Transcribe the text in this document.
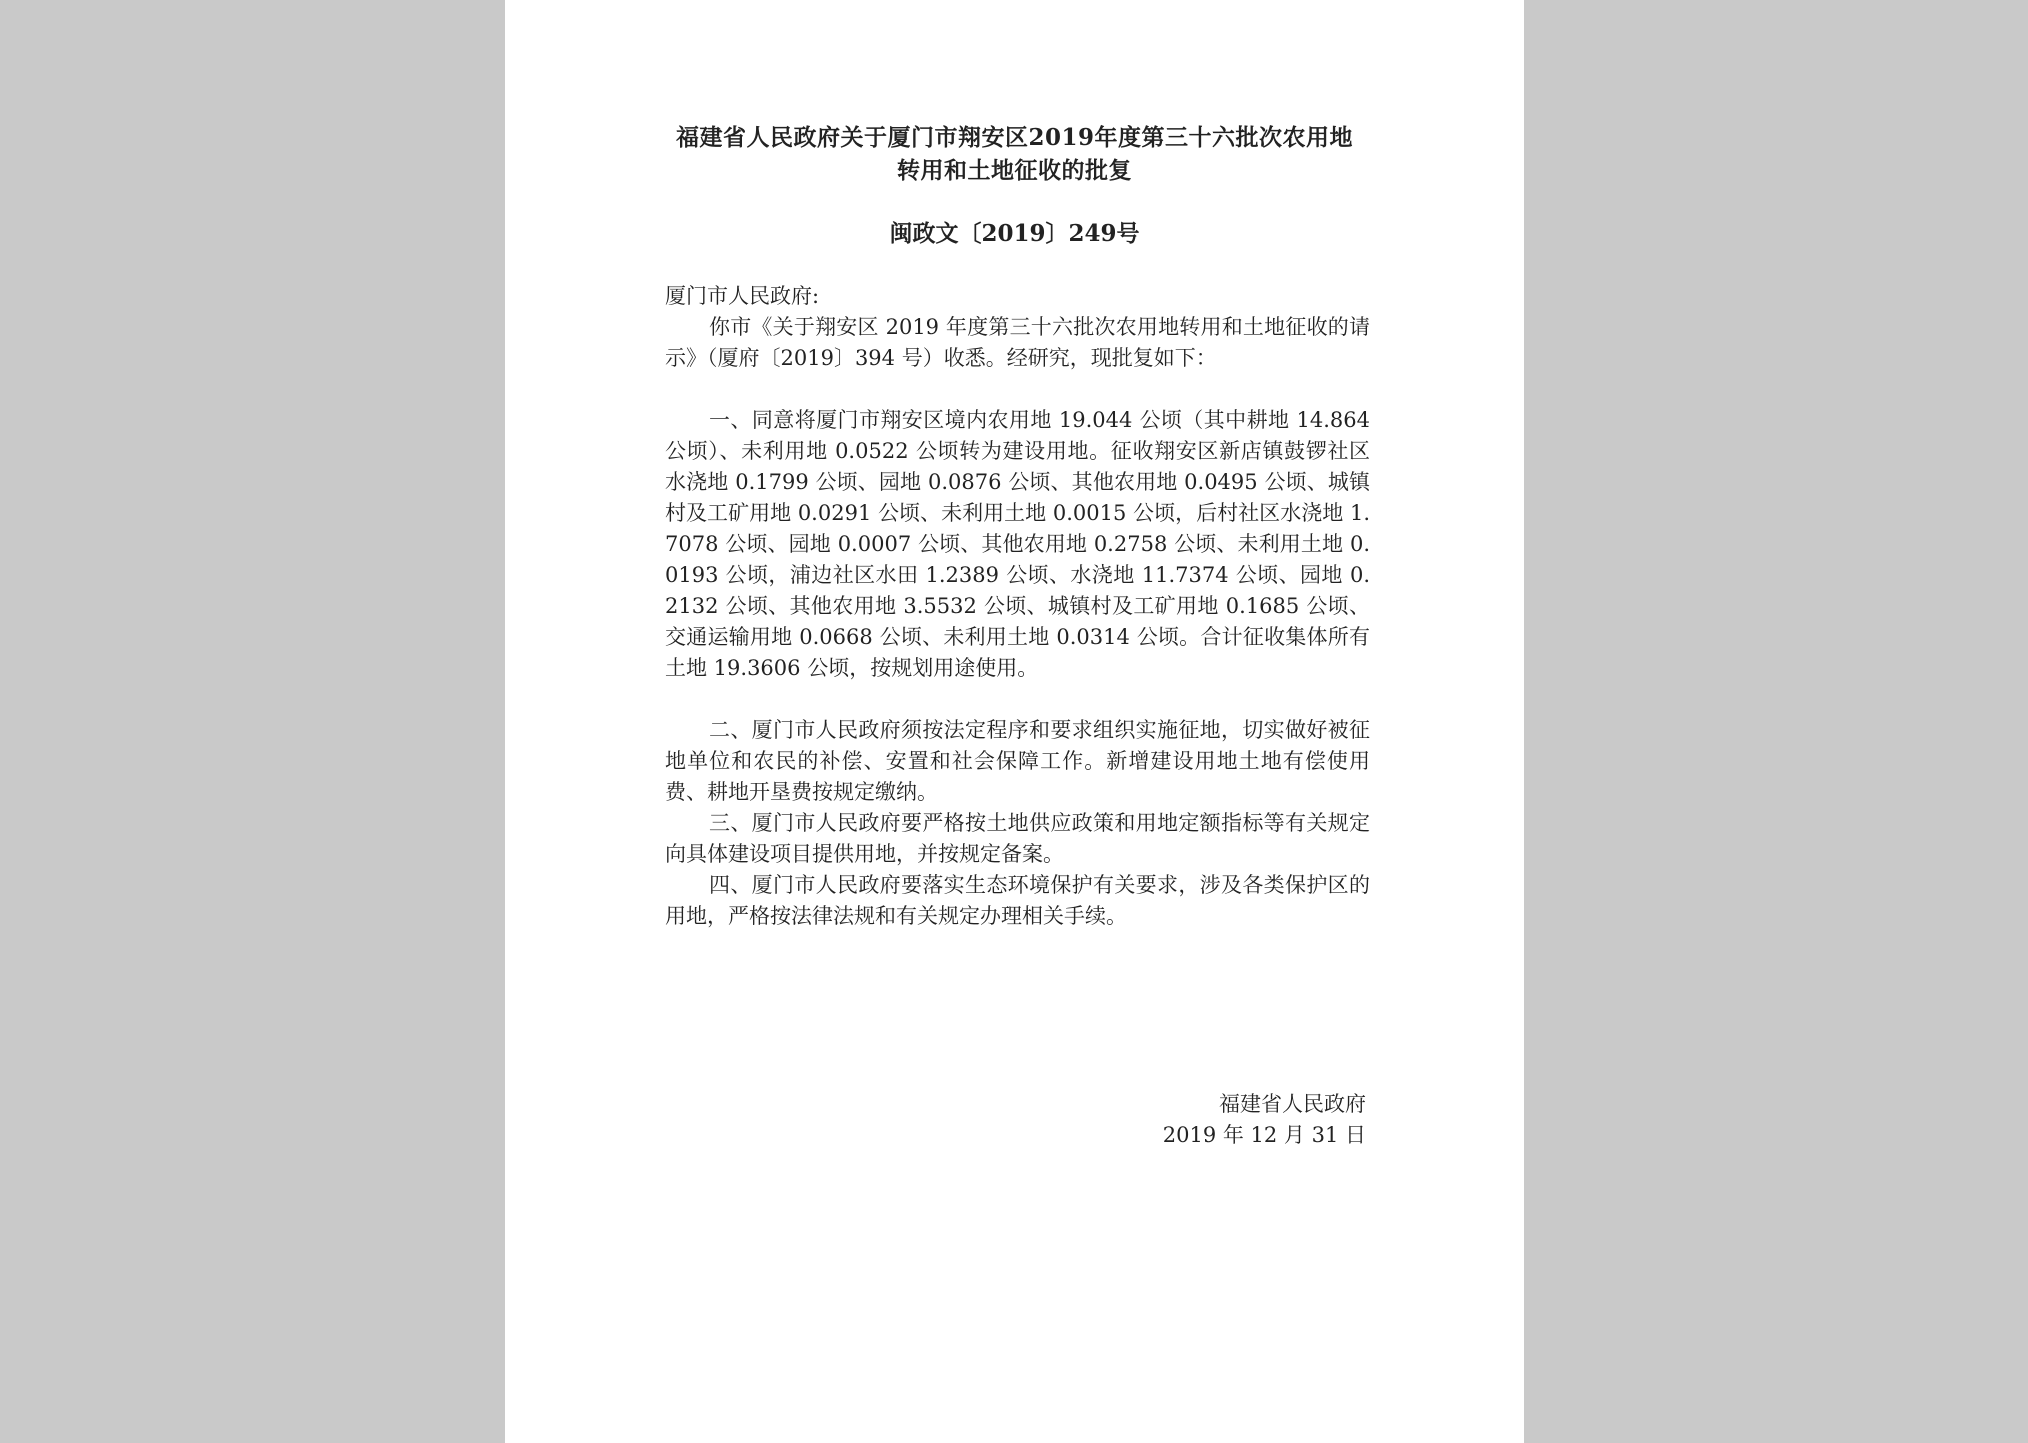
福建省人民政府关于厦门市翔安区2019年度第三十六批次农用地
转用和土地征收的批复
闽政文〔2019〕249号
厦门市人民政府:

你市《关于翔安区 2019 年度第三十六批次农用地转用和土地征收的请示》（厦府〔2019〕394 号）收悉。经研究，现批复如下：

一、同意将厦门市翔安区境内农用地 19.044 公顷（其中耕地 14.864 公顷）、未利用地 0.0522 公顷转为建设用地。征收翔安区新店镇鼓锣社区水浇地 0.1799 公顷、园地 0.0876 公顷、其他农用地 0.0495 公顷、城镇村及工矿用地 0.0291 公顷、未利用土地 0.0015 公顷，后村社区水浇地 1.7078 公顷、园地 0.0007 公顷、其他农用地 0.2758 公顷、未利用土地 0.0193 公顷，浦边社区水田 1.2389 公顷、水浇地 11.7374 公顷、园地 0.2132 公顷、其他农用地 3.5532 公顷、城镇村及工矿用地 0.1685 公顷、交通运输用地 0.0668 公顷、未利用土地 0.0314 公顷。合计征收集体所有土地 19.3606 公顷，按规划用途使用。

二、厦门市人民政府须按法定程序和要求组织实施征地，切实做好被征地单位和农民的补偿、安置和社会保障工作。新增建设用地土地有偿使用费、耕地开垦费按规定缴纳。

三、厦门市人民政府要严格按土地供应政策和用地定额指标等有关规定向具体建设项目提供用地，并按规定备案。

四、厦门市人民政府要落实生态环境保护有关要求，涉及各类保护区的用地，严格按法律法规和有关规定办理相关手续。

福建省人民政府
2019 年 12 月 31 日
